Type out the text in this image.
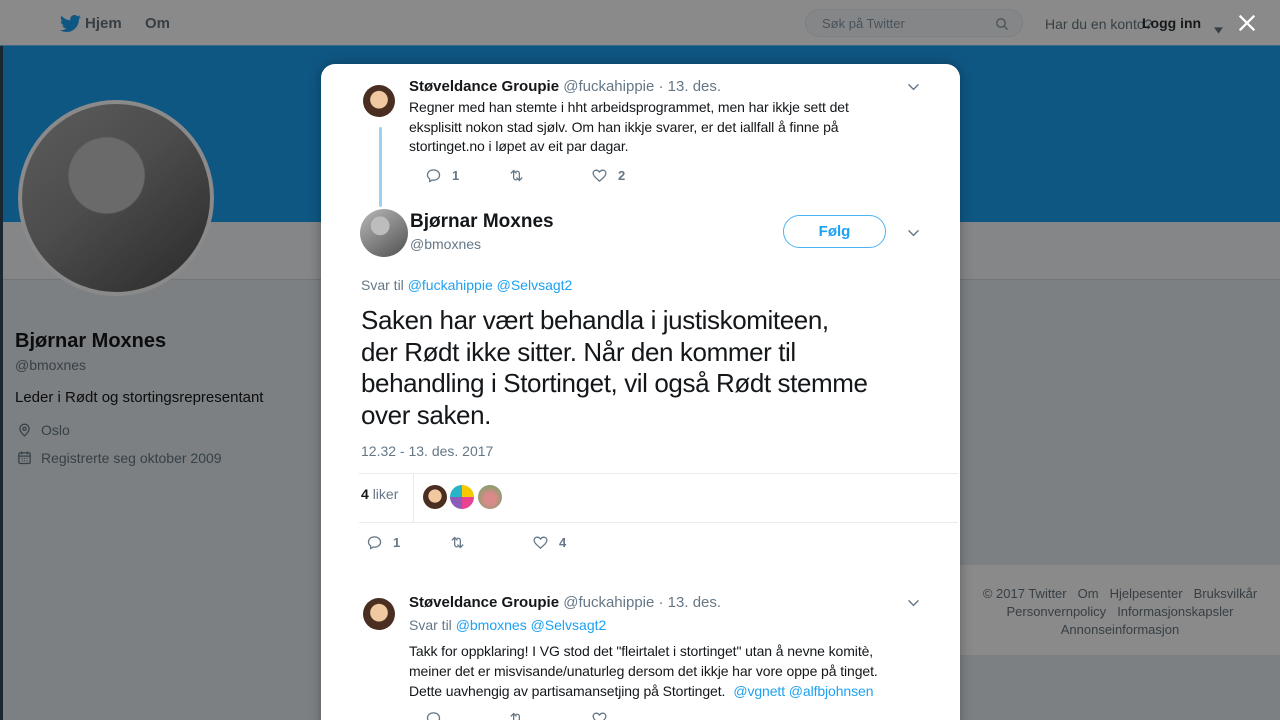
Hjem Om
Søk på Twitter	Har du en konto?
Logg inn
© 2017 Twitter Om Hjelpesenter Bruksvilkår
Personvernpolicy Informasjonskapsler
Annonseinformasjon
Bjørnar Moxnes
@bmoxnes
Leder i Rødt og stortingsrepresentant
Oslo
Registrerte seg oktober 2009
Støveldance Groupie @fuckahippie · 13. des.
Regner med han stemte i hht arbeidsprogrammet, men har ikkje sett det
eksplisitt nokon stad sjølv. Om han ikkje svarer, er det iallfall å finne på
stortinget.no i løpet av eit par dagar.
1	2
Bjørnar Moxnes
@bmoxnes
Følg
Svar til @fuckahippie @Selvsagt2
Saken har vært behandla i justiskomiteen,
der Rødt ikke sitter. Når den kommer til
behandling i Stortinget, vil også Rødt stemme
over saken.
12.32 - 13. des. 2017
4 liker
1	4
Støveldance Groupie @fuckahippie · 13. des.
Svar til @bmoxnes @Selvsagt2
Takk for oppklaring! I VG stod det "fleirtalet i stortinget" utan å nevne komitè,
meiner det er misvisande/unaturleg dersom det ikkje har vore oppe på tinget.
Dette uavhengig av partisamansetjing på Stortinget. @vgnett @alfbjohnsen
